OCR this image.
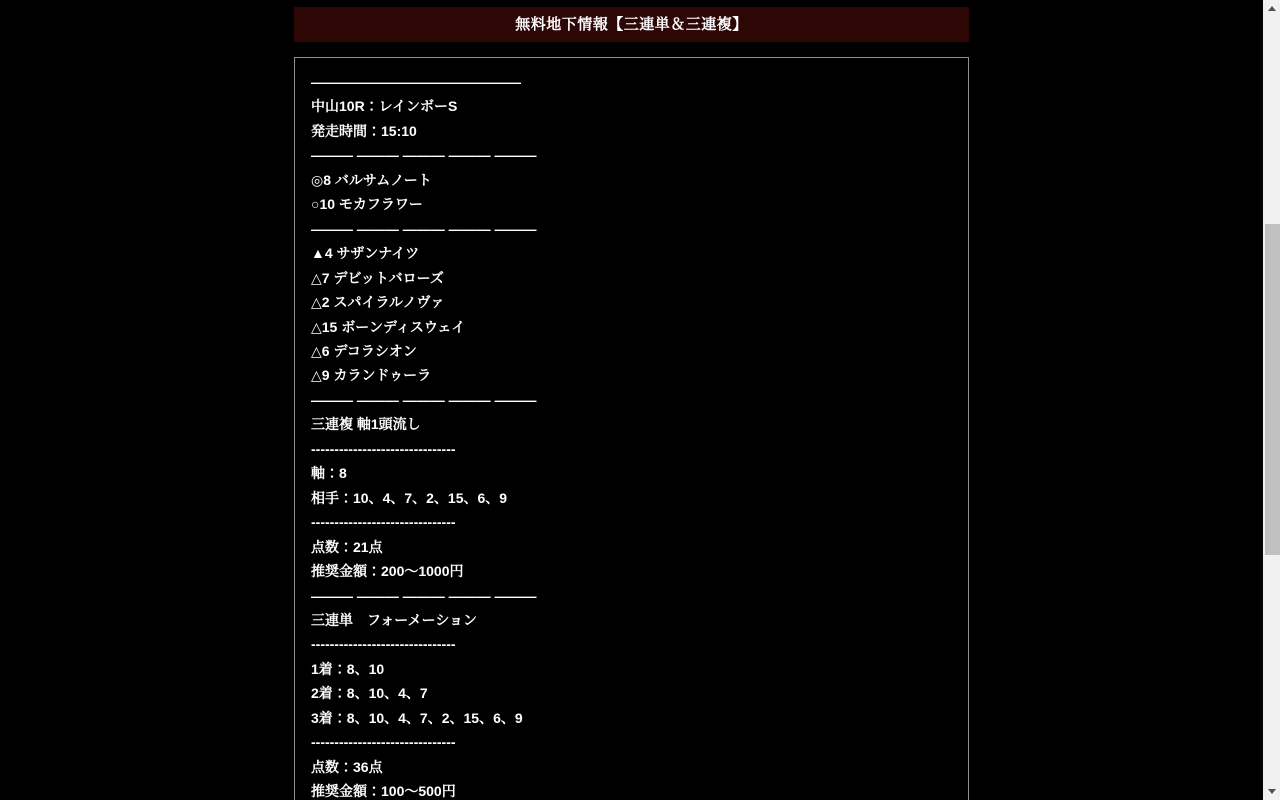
無料地下情報【三連単＆三連複】
———————————————
中山10R：レインボーS
発走時間：15:10
——— ——— ——— ——— ———
◎8 バルサムノート
○10 モカフラワー
——— ——— ——— ——— ———
▲4 サザンナイツ
△7 デビットバローズ
△2 スパイラルノヴァ
△15 ボーンディスウェイ
△6 デコラシオン
△9 カランドゥーラ
——— ——— ——— ——— ———
三連複 軸1頭流し
-------------------------------
軸：8
相手：10、4、7、2、15、6、9
-------------------------------
点数：21点
推奨金額：200〜1000円
——— ——— ——— ——— ———
三連単　フォーメーション
-------------------------------
1着：8、10
2着：8、10、4、7
3着：8、10、4、7、2、15、6、9
-------------------------------
点数：36点
推奨金額：100〜500円
